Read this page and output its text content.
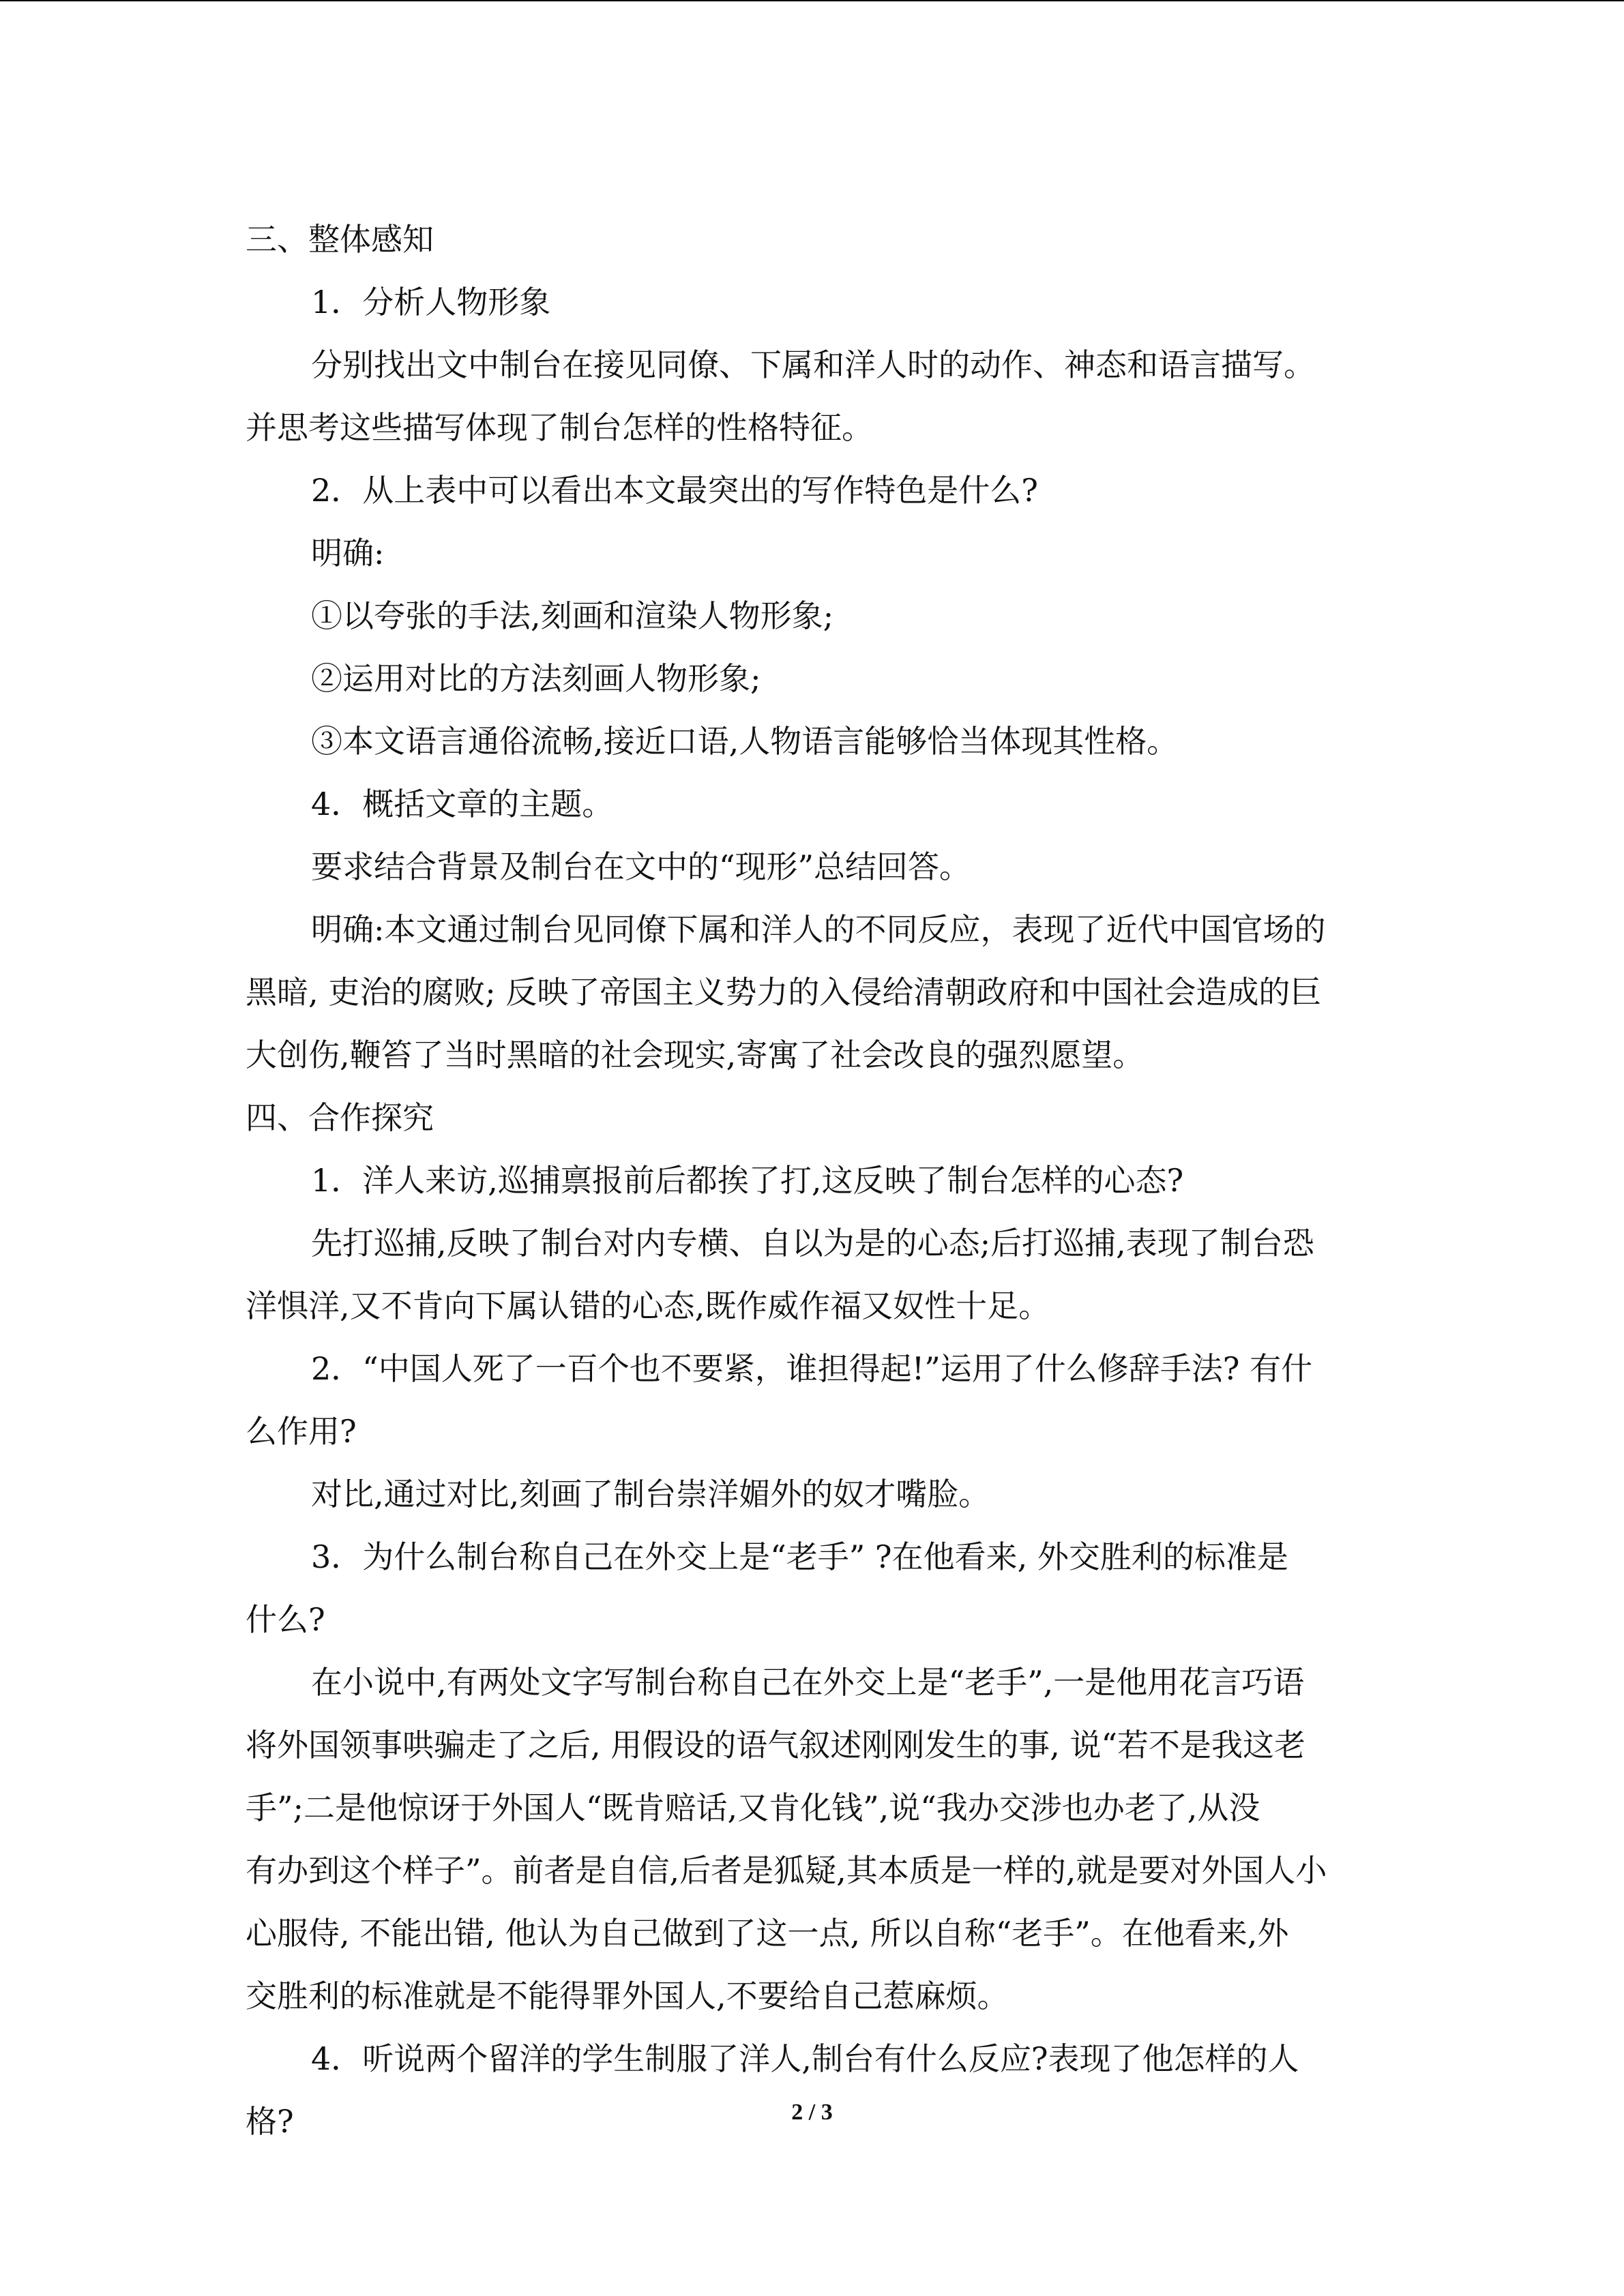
三、整体感知

1．分析人物形象

分别找出文中制台在接见同僚、下属和洋人时的动作、神态和语言描写。

并思考这些描写体现了制台怎样的性格特征。

2．从上表中可以看出本文最突出的写作特色是什么?

明确:

①以夸张的手法,刻画和渲染人物形象;

②运用对比的方法刻画人物形象;

③本文语言通俗流畅,接近口语,人物语言能够恰当体现其性格。

4．概括文章的主题。

要求结合背景及制台在文中的“现形”总结回答。

明确:本文通过制台见同僚下属和洋人的不同反应，表现了近代中国官场的

黑暗, 吏治的腐败; 反映了帝国主义势力的入侵给清朝政府和中国社会造成的巨

大创伤,鞭笞了当时黑暗的社会现实,寄寓了社会改良的强烈愿望。

四、合作探究

1．洋人来访,巡捕禀报前后都挨了打,这反映了制台怎样的心态?

先打巡捕,反映了制台对内专横、自以为是的心态;后打巡捕,表现了制台恐

洋惧洋,又不肯向下属认错的心态,既作威作福又奴性十足。

2．“中国人死了一百个也不要紧，谁担得起!”运用了什么修辞手法? 有什

么作用?

对比,通过对比,刻画了制台崇洋媚外的奴才嘴脸。

3．为什么制台称自己在外交上是“老手” ?在他看来, 外交胜利的标准是

什么?

在小说中,有两处文字写制台称自己在外交上是“老手”,一是他用花言巧语

将外国领事哄骗走了之后, 用假设的语气叙述刚刚发生的事, 说“若不是我这老

手”;二是他惊讶于外国人“既肯赔话,又肯化钱”,说“我办交涉也办老了,从没

有办到这个样子”。前者是自信,后者是狐疑,其本质是一样的,就是要对外国人小

心服侍, 不能出错, 他认为自己做到了这一点, 所以自称“老手”。在他看来,外

交胜利的标准就是不能得罪外国人,不要给自己惹麻烦。

4．听说两个留洋的学生制服了洋人,制台有什么反应?表现了他怎样的人

格?	2 / 3
